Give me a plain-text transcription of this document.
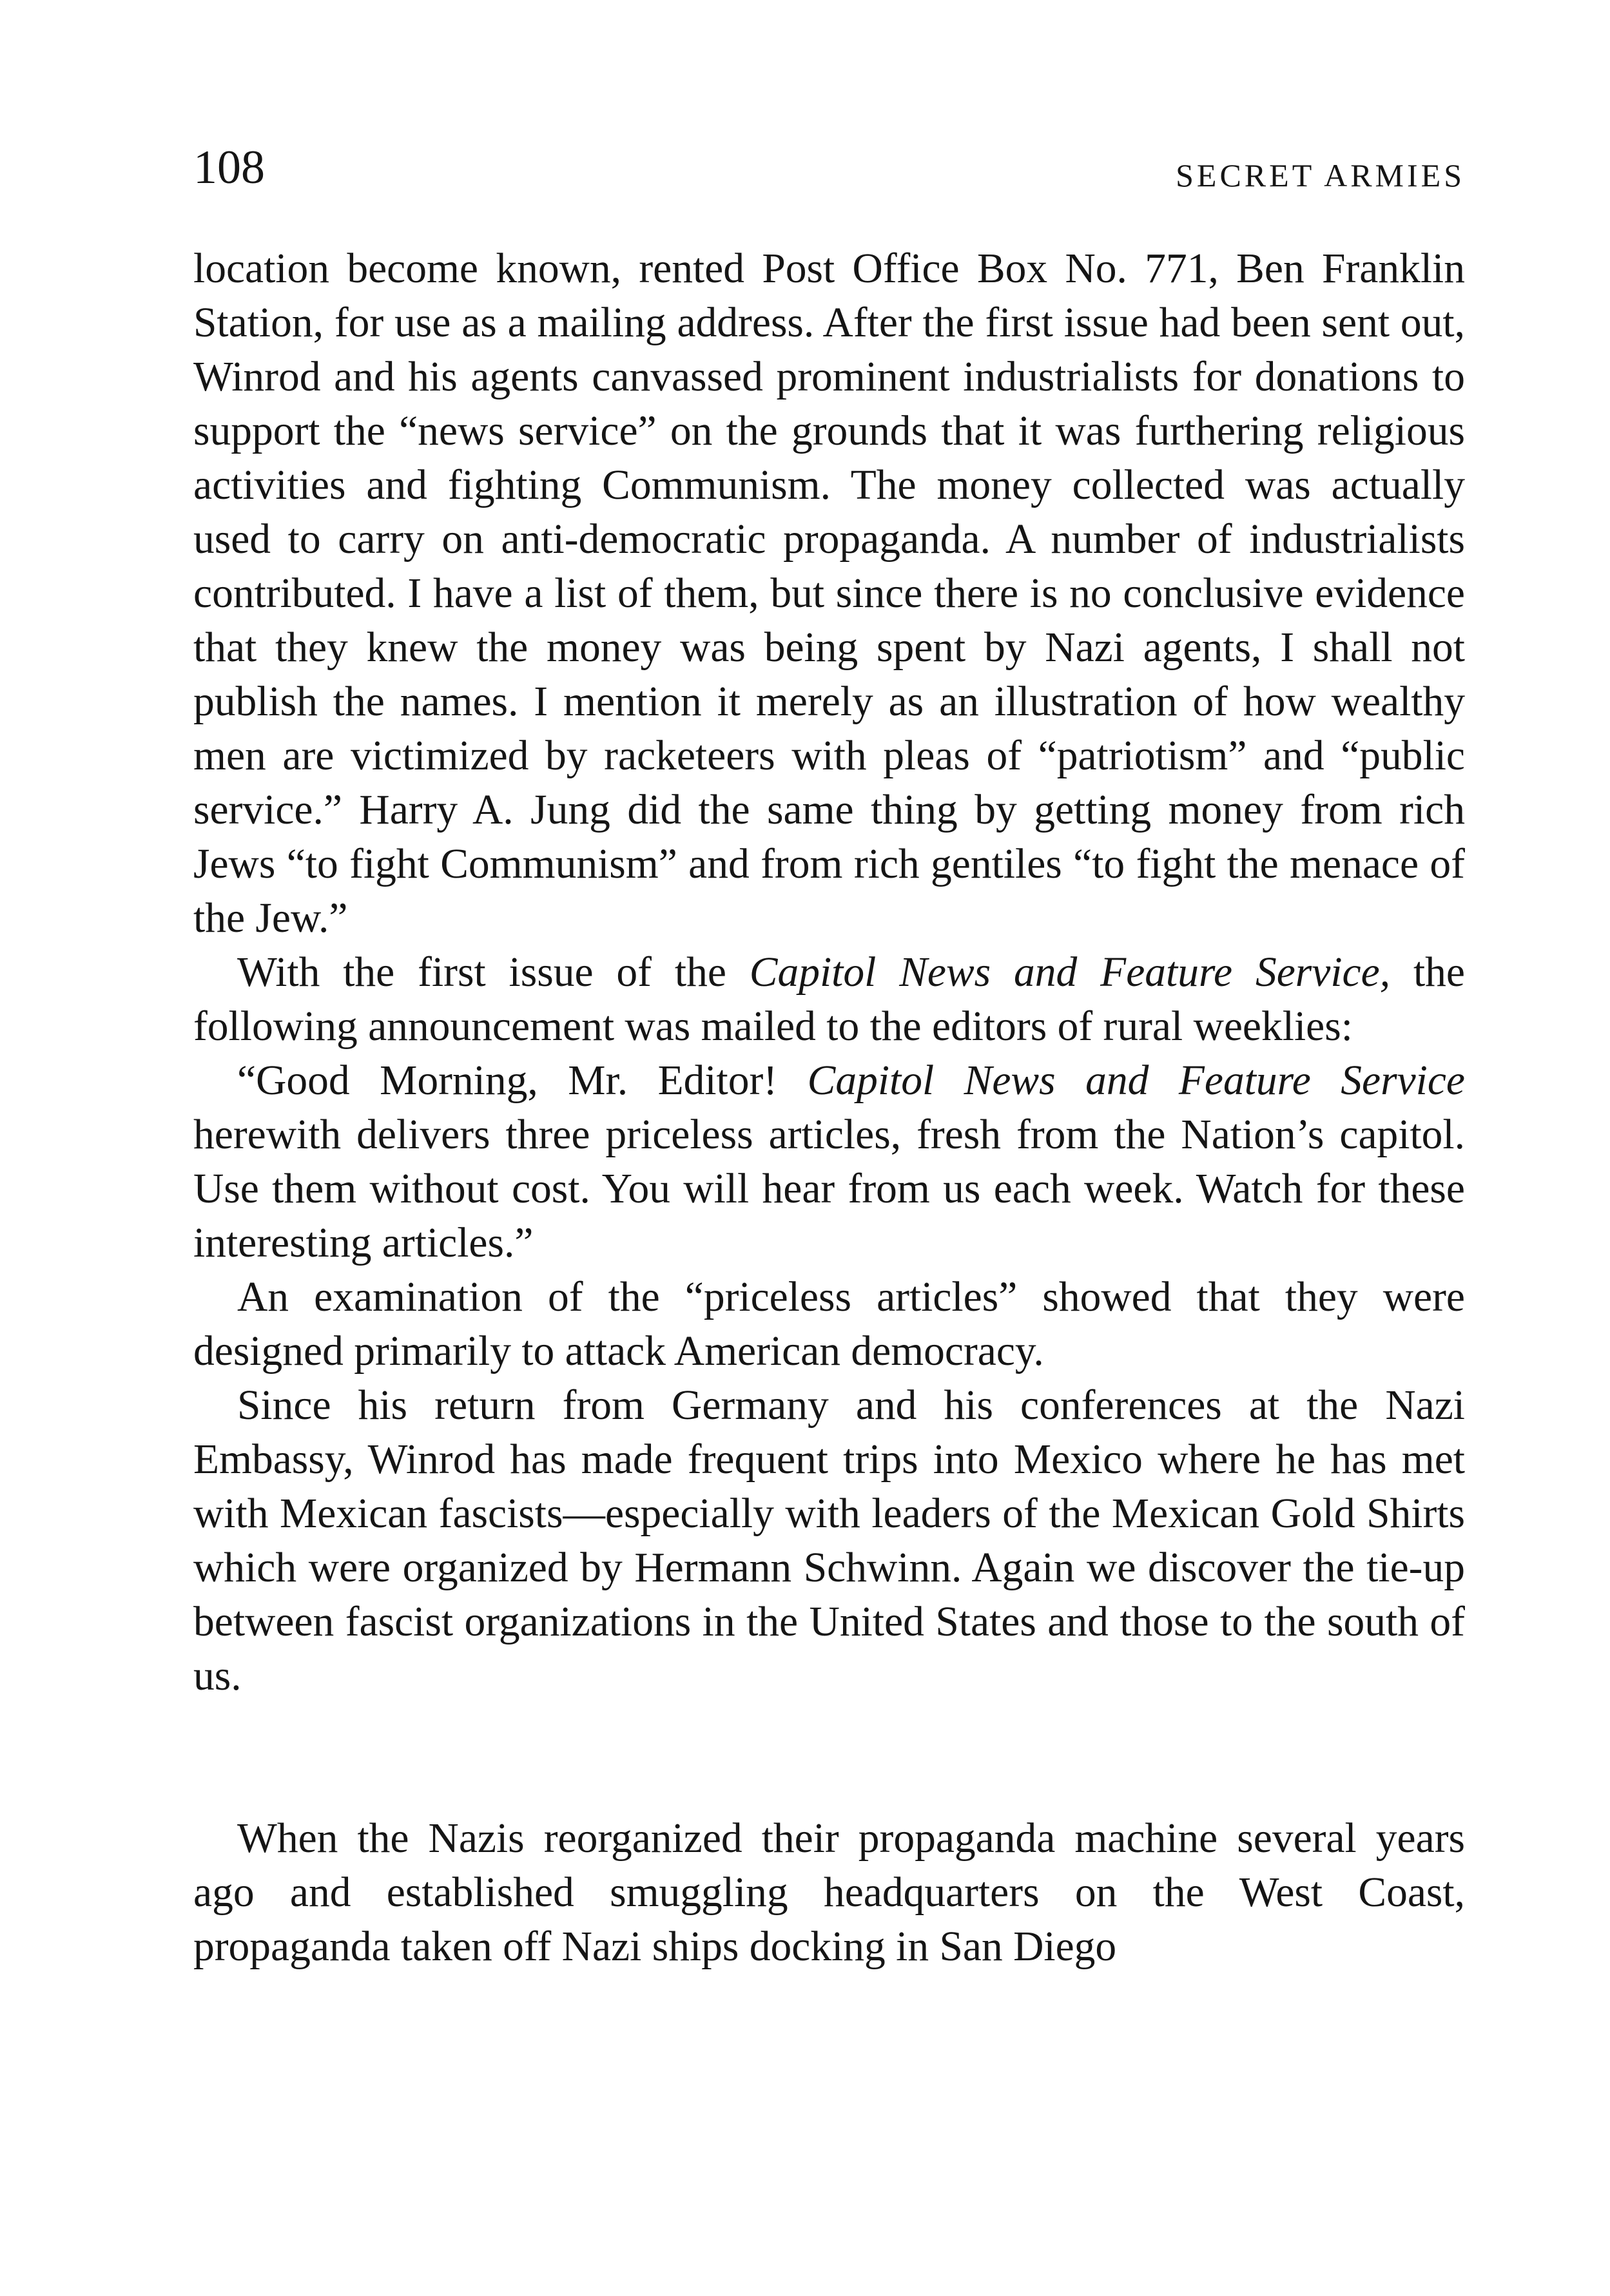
108	SECRET ARMIES

location become known, rented Post Office Box No. 771, Ben Franklin Station, for use as a mailing address. After the first issue had been sent out, Winrod and his agents canvassed prominent industrialists for donations to support the “news service” on the grounds that it was furthering religious activities and fighting Communism. The money collected was actually used to carry on anti-democratic propaganda. A number of industrialists contributed. I have a list of them, but since there is no conclusive evidence that they knew the money was being spent by Nazi agents, I shall not publish the names. I mention it merely as an illustration of how wealthy men are victimized by racketeers with pleas of “patriotism” and “public service.” Harry A. Jung did the same thing by getting money from rich Jews “to fight Communism” and from rich gentiles “to fight the menace of the Jew.”

With the first issue of the Capitol News and Feature Service, the following announcement was mailed to the editors of rural weeklies:

“Good Morning, Mr. Editor! Capitol News and Feature Service herewith delivers three priceless articles, fresh from the Nation’s capitol. Use them without cost. You will hear from us each week. Watch for these interesting articles.”

An examination of the “priceless articles” showed that they were designed primarily to attack American democracy.

Since his return from Germany and his conferences at the Nazi Embassy, Winrod has made frequent trips into Mexico where he has met with Mexican fascists—especially with leaders of the Mexican Gold Shirts which were organized by Hermann Schwinn. Again we discover the tie-up between fascist organizations in the United States and those to the south of us.

When the Nazis reorganized their propaganda machine several years ago and established smuggling headquarters on the West Coast, propaganda taken off Nazi ships docking in San Diego
